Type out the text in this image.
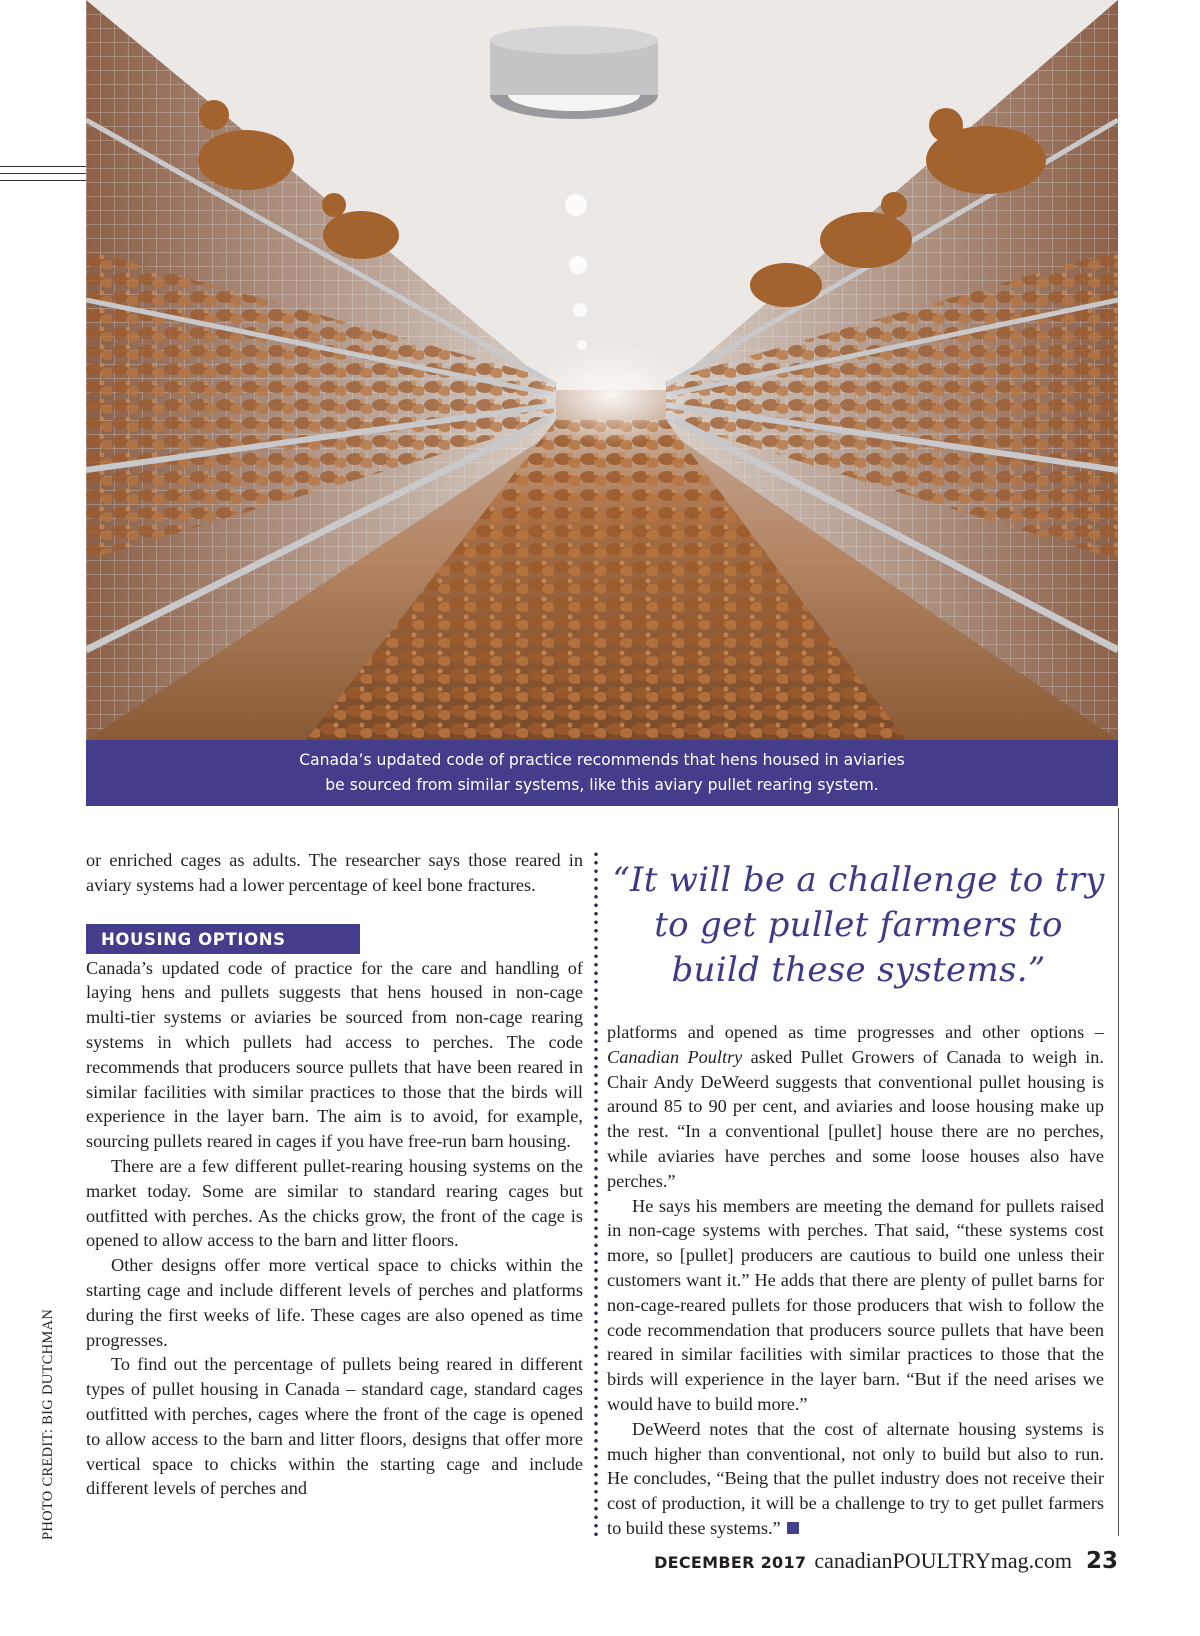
Canada’s updated code of practice recommends that hens housed in aviaries
be sourced from similar systems, like this aviary pullet rearing system.

or enriched cages as adults. The researcher says those reared in aviary systems had a lower percentage of keel bone fractures.

HOUSING OPTIONS

Canada’s updated code of practice for the care and handling of laying hens and pullets suggests that hens housed in non-cage multi-tier systems or aviaries be sourced from non-cage rearing systems in which pullets had access to perches. The code recommends that producers source pullets that have been reared in similar facilities with similar practices to those that the birds will experience in the layer barn. The aim is to avoid, for example, sourcing pullets reared in cages if you have free-run barn housing.

There are a few different pullet-rearing housing systems on the market today. Some are similar to standard rearing cages but outfitted with perches. As the chicks grow, the front of the cage is opened to allow access to the barn and litter floors.

Other designs offer more vertical space to chicks within the starting cage and include different levels of perches and platforms during the first weeks of life. These cages are also opened as time progresses.

To find out the percentage of pullets being reared in different types of pullet housing in Canada – standard cage, standard cages outfitted with perches, cages where the front of the cage is opened to allow access to the barn and litter floors, designs that offer more vertical space to chicks within the starting cage and include different levels of perches and

“It will be a challenge to try to get pullet farmers to build these systems.”

platforms and opened as time progresses and other options – Canadian Poultry asked Pullet Growers of Canada to weigh in. Chair Andy DeWeerd suggests that conventional pullet housing is around 85 to 90 per cent, and aviaries and loose housing make up the rest. “In a conventional [pullet] house there are no perches, while aviaries have perches and some loose houses also have perches.”

He says his members are meeting the demand for pullets raised in non-cage systems with perches. That said, “these systems cost more, so [pullet] producers are cautious to build one unless their customers want it.” He adds that there are plenty of pullet barns for non-cage-reared pullets for those producers that wish to follow the code recommendation that producers source pullets that have been reared in similar facilities with similar practices to those that the birds will experience in the layer barn. “But if the need arises we would have to build more.”

DeWeerd notes that the cost of alternate housing systems is much higher than conventional, not only to build but also to run. He concludes, “Being that the pullet industry does not receive their cost of production, it will be a challenge to try to get pullet farmers to build these systems.”

PHOTO CREDIT: BIG DUTCHMAN
DECEMBER 2017 canadianPOULTRYmag.com 23
